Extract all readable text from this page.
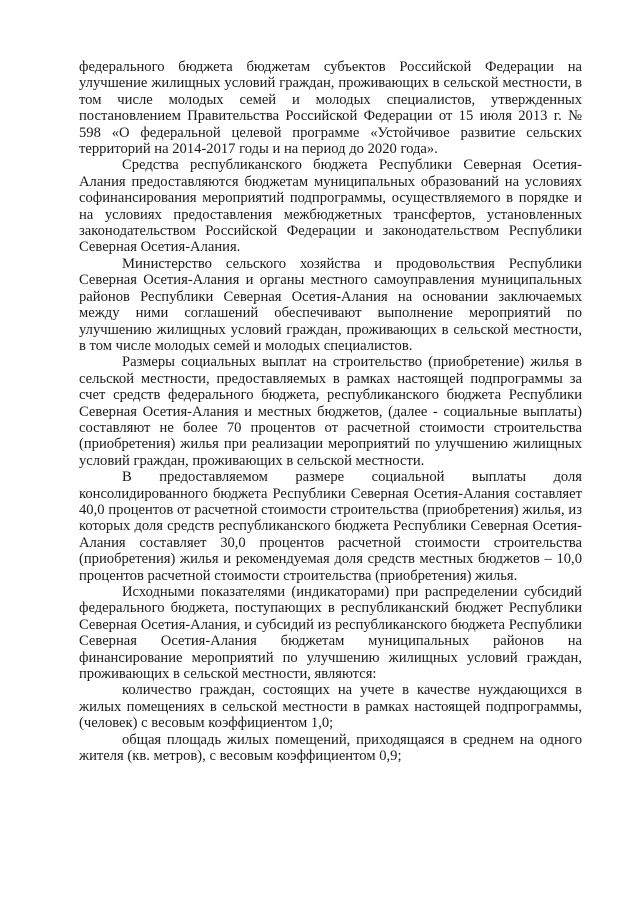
федерального бюджета бюджетам субъектов Российской Федерации на улучшение жилищных условий граждан, проживающих в сельской местности, в том числе молодых семей и молодых специалистов, утвержденных постановлением Правительства Российской Федерации от 15 июля 2013 г. № 598 «О федеральной целевой программе «Устойчивое развитие сельских территорий на 2014-2017 годы и на период до 2020 года».

Средства республиканского бюджета Республики Северная Осетия-Алания предоставляются бюджетам муниципальных образований на условиях софинансирования мероприятий подпрограммы, осуществляемого в порядке и на условиях предоставления межбюджетных трансфертов, установленных законодательством Российской Федерации и законодательством Республики Северная Осетия-Алания.

Министерство сельского хозяйства и продовольствия Республики Северная Осетия-Алания и органы местного самоуправления муниципальных районов Республики Северная Осетия-Алания на основании заключаемых между ними соглашений обеспечивают выполнение мероприятий по улучшению жилищных условий граждан, проживающих в сельской местности, в том числе молодых семей и молодых специалистов.

Размеры социальных выплат на строительство (приобретение) жилья в сельской местности, предоставляемых в рамках настоящей подпрограммы за счет средств федерального бюджета, республиканского бюджета Республики Северная Осетия-Алания и местных бюджетов, (далее - социальные выплаты) составляют не более 70 процентов от расчетной стоимости строительства (приобретения) жилья при реализации мероприятий по улучшению жилищных условий граждан, проживающих в сельской местности.

В предоставляемом размере социальной выплаты доля консолидированного бюджета Республики Северная Осетия-Алания составляет 40,0 процентов от расчетной стоимости строительства (приобретения) жилья, из которых доля средств республиканского бюджета Республики Северная Осетия-Алания составляет 30,0 процентов расчетной стоимости строительства (приобретения) жилья и рекомендуемая доля средств местных бюджетов – 10,0 процентов расчетной стоимости строительства (приобретения) жилья.

Исходными показателями (индикаторами) при распределении субсидий федерального бюджета, поступающих в республиканский бюджет Республики Северная Осетия-Алания, и субсидий из республиканского бюджета Республики Северная Осетия-Алания бюджетам муниципальных районов на финансирование мероприятий по улучшению жилищных условий граждан, проживающих в сельской местности, являются:

количество граждан, состоящих на учете в качестве нуждающихся в жилых помещениях в сельской местности в рамках настоящей подпрограммы, (человек) с весовым коэффициентом 1,0;

общая площадь жилых помещений, приходящаяся в среднем на одного жителя (кв. метров), с весовым коэффициентом 0,9;
